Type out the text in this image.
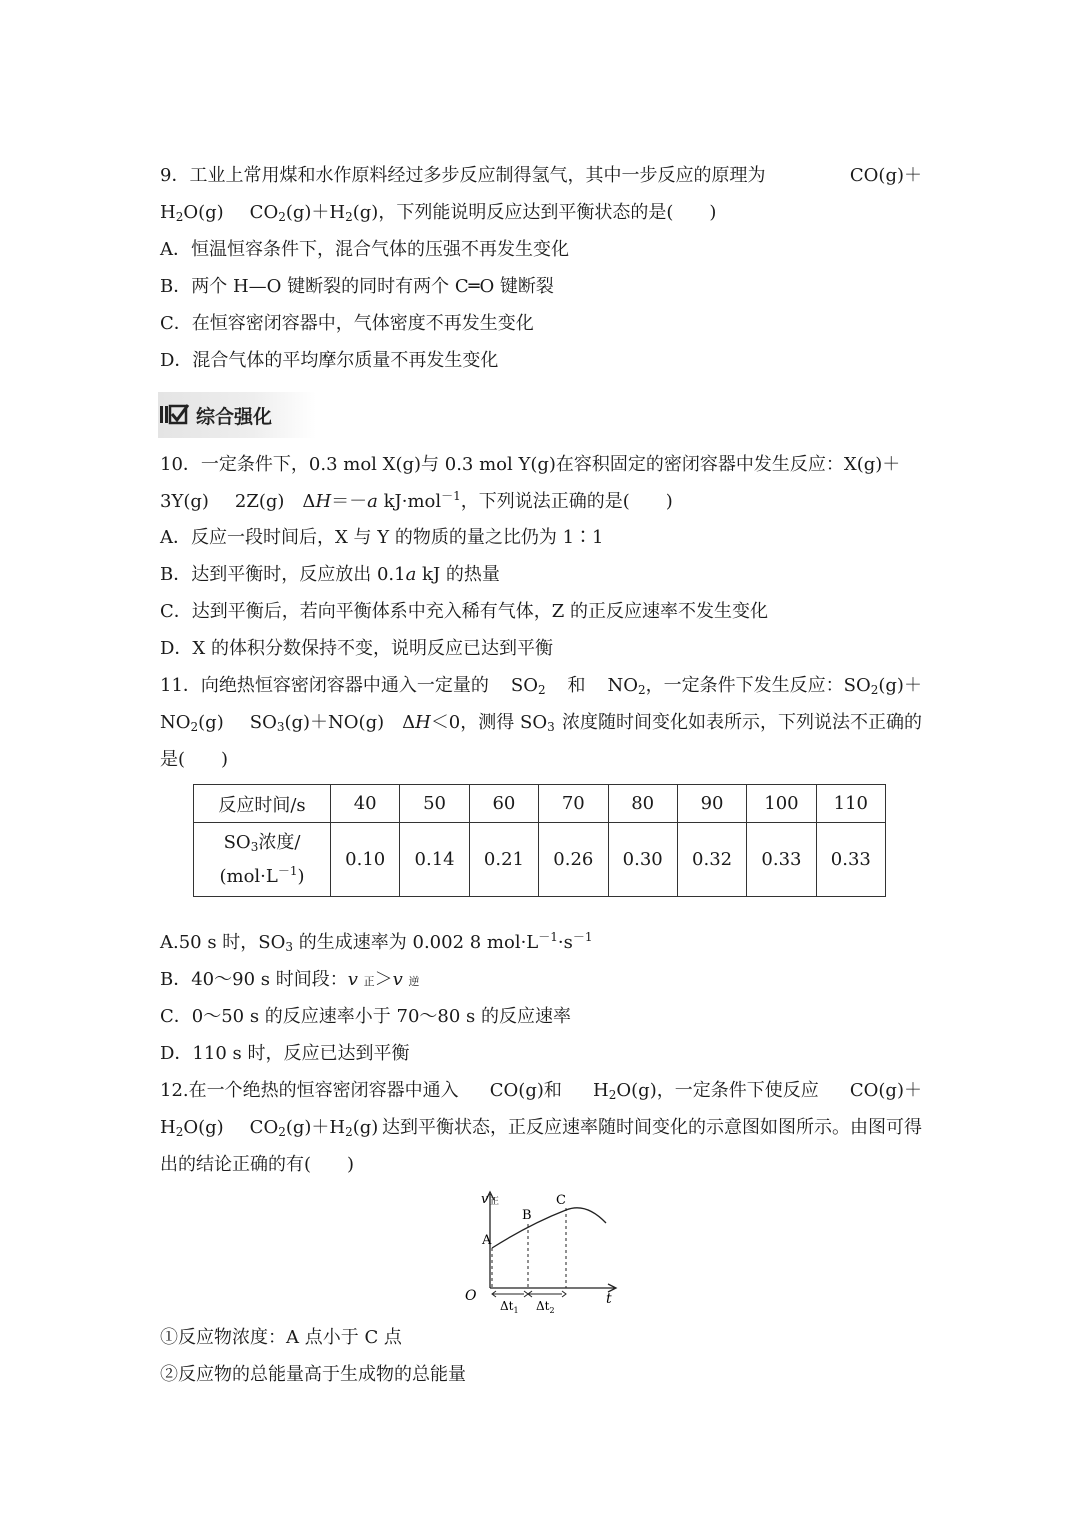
9．工业上常用煤和水作原料经过多步反应制得氢气，其中一步反应的原理为	CO(g)＋
$H_2O(g)$ $CO_2(g)+H_2(g)$，下列能说明反应达到平衡状态的是(　　)
A．恒温恒容条件下，混合气体的压强不再发生变化
B．两个 H—O 键断裂的同时有两个 C═O 键断裂
C．在恒容密闭容器中，气体密度不再发生变化
D．混合气体的平均摩尔质量不再发生变化
综合强化
10．一定条件下，0.3 mol X(g)与 0.3 mol Y(g)在容积固定的密闭容器中发生反应：X(g)＋
3Y(g) 2Z(g)　ΔH＝－a kJ·mol$^{-1}$，下列说法正确的是(　　)
A．反应一段时间后，X 与 Y 的物质的量之比仍为 1∶1
B．达到平衡时，反应放出 0.1a kJ 的热量
C．达到平衡后，若向平衡体系中充入稀有气体，Z 的正反应速率不发生变化
D．X 的体积分数保持不变，说明反应已达到平衡
11．向绝热恒容密闭容器中通入一定量的 $SO_2$ 和 $NO_2$，一定条件下发生反应：$SO_2(g)+$
$NO_2(g)$ $SO_3(g)+NO(g)$　ΔH＜0，测得 $SO_3$ 浓度随时间变化如表所示，下列说法不正确的
是(　　)
反应时间/s	40	50	60	70	80	90	100	110
$SO_3$浓度/
$(mol\cdot L^{-1})$	0.10	0.14	0.21	0.26	0.30	0.32	0.33	0.33
A.50 s 时，$SO_3$ 的生成速率为 0.002 8 $mol\cdot L^{-1}\cdot s^{-1}$
B．40～90 s 时间段：v 正＞v 逆
C．0～50 s 的反应速率小于 70～80 s 的反应速率
D．110 s 时，反应已达到平衡
12.在一个绝热的恒容密闭容器中通入 CO(g)和 $H_2O(g)$，一定条件下使反应 CO(g)＋
$H_2O(g)$ $CO_2(g)+H_2(g)$ 达到平衡状态，正反应速率随时间变化的示意图如图所示。由图可得
出的结论正确的有(　　)
v 正
t
O
A
B
C
$\Delta t_1$ $\Delta t_2$
①反应物浓度：A 点小于 C 点
②反应物的总能量高于生成物的总能量
